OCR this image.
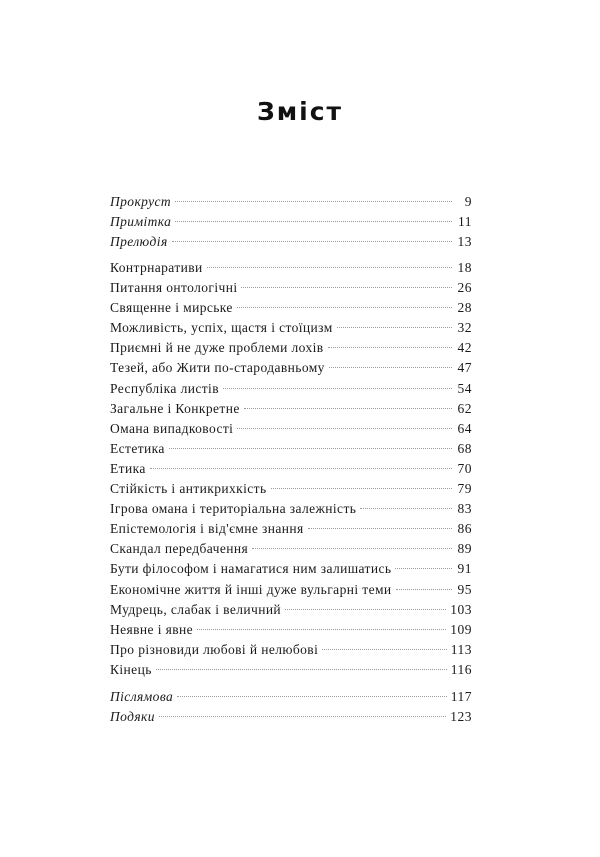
Зміст
Прокруст	9
Примітка	11
Прелюдія	13
Контрнаративи	18
Питання онтологічні	26
Священне і мирське	28
Можливість, успіх, щастя і стоїцизм	32
Приємні й не дуже проблеми лохів	42
Тезей, або Жити по-стародавньому	47
Республіка листів	54
Загальне і Конкретне	62
Омана випадковості	64
Естетика	68
Етика	70
Стійкість і антикрихкість	79
Ігрова омана і територіальна залежність	83
Епістемологія і від'ємне знання	86
Скандал передбачення	89
Бути філософом і намагатися ним залишатись	91
Економічне життя й інші дуже вульгарні теми	95
Мудрець, слабак і величний	103
Неявне і явне	109
Про різновиди любові й нелюбові	113
Кінець	116
Післямова	117
Подяки	123
